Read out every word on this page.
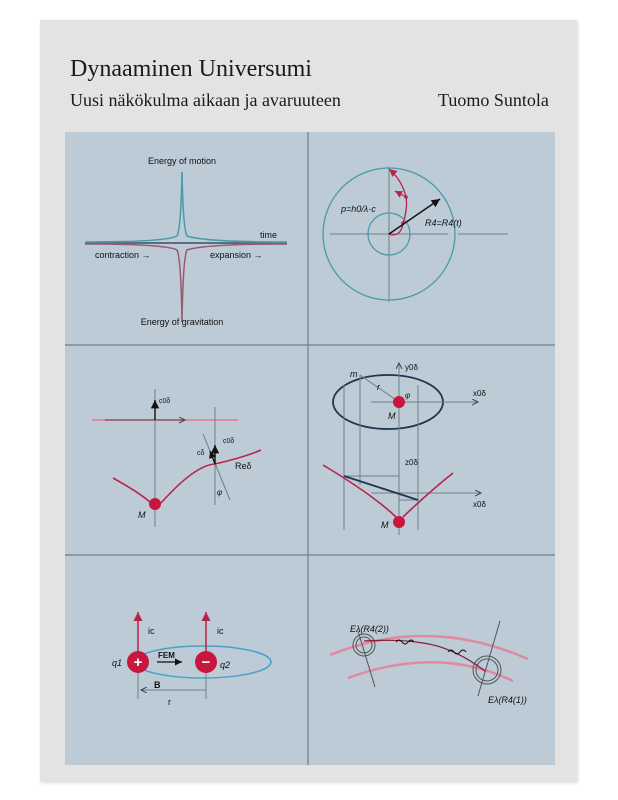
Dynaaminen Universumi
Uusi näkökulma aikaan ja avaruuteen	Tuomo Suntola
Energy of motion
Energy of gravitation
time
contraction →	expansion →
p=h0/λ·c
R4=R4(t)
c0δ
c0δ
cδ
Reδ
φ
M
y0δ
x0δ
z0δ
x0δ
m
r
φ
M
M
+	−
ic	ic
q1	q2
FEM
B
r
Eλ(R4(2))
Eλ(R4(1))
